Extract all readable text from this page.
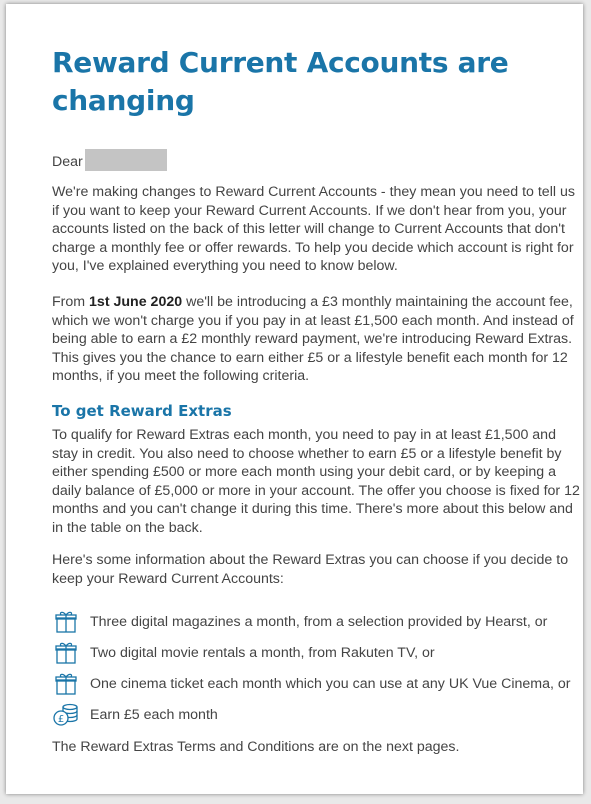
Reward Current Accounts are changing
Dear

We're making changes to Reward Current Accounts - they mean you need to tell us if you want to keep your Reward Current Accounts. If we don't hear from you, your accounts listed on the back of this letter will change to Current Accounts that don't charge a monthly fee or offer rewards. To help you decide which account is right for you, I've explained everything you need to know below.

From 1st June 2020 we'll be introducing a £3 monthly maintaining the account fee, which we won't charge you if you pay in at least £1,500 each month. And instead of being able to earn a £2 monthly reward payment, we're introducing Reward Extras. This gives you the chance to earn either £5 or a lifestyle benefit each month for 12 months, if you meet the following criteria.

To get Reward Extras

To qualify for Reward Extras each month, you need to pay in at least £1,500 and stay in credit. You also need to choose whether to earn £5 or a lifestyle benefit by either spending £500 or more each month using your debit card, or by keeping a daily balance of £5,000 or more in your account. The offer you choose is fixed for 12 months and you can't change it during this time. There's more about this below and in the table on the back.

Here's some information about the Reward Extras you can choose if you decide to keep your Reward Current Accounts:

Three digital magazines a month, from a selection provided by Hearst, or
Two digital movie rentals a month, from Rakuten TV, or
One cinema ticket each month which you can use at any UK Vue Cinema, or
£ Earn £5 each month
The Reward Extras Terms and Conditions are on the next pages.
